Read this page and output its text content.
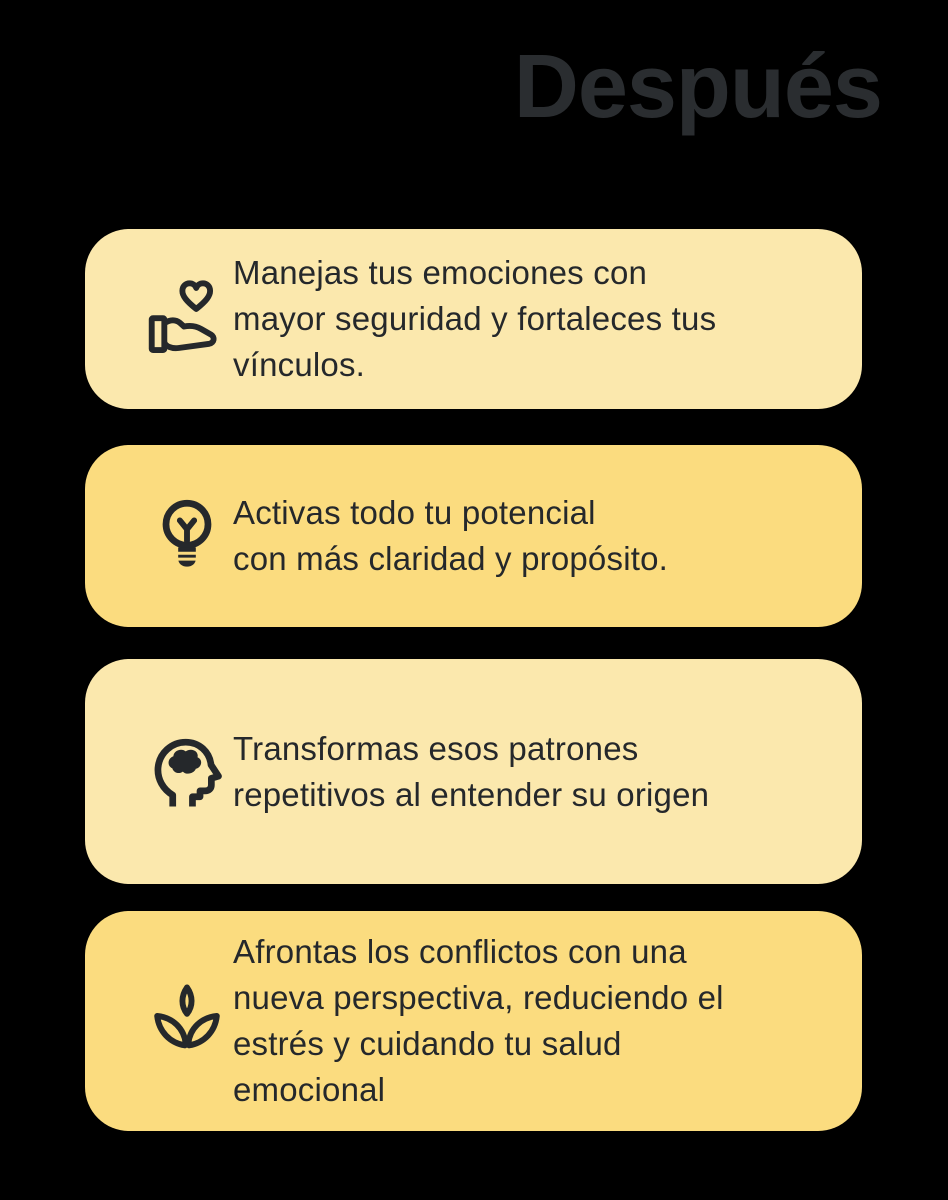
Después
Manejas tus emociones con
mayor seguridad y fortaleces tus
vínculos.
Activas todo tu potencial
con más claridad y propósito.
Transformas esos patrones
repetitivos al entender su origen
Afrontas los conflictos con una
nueva perspectiva, reduciendo el
estrés y cuidando tu salud
emocional
